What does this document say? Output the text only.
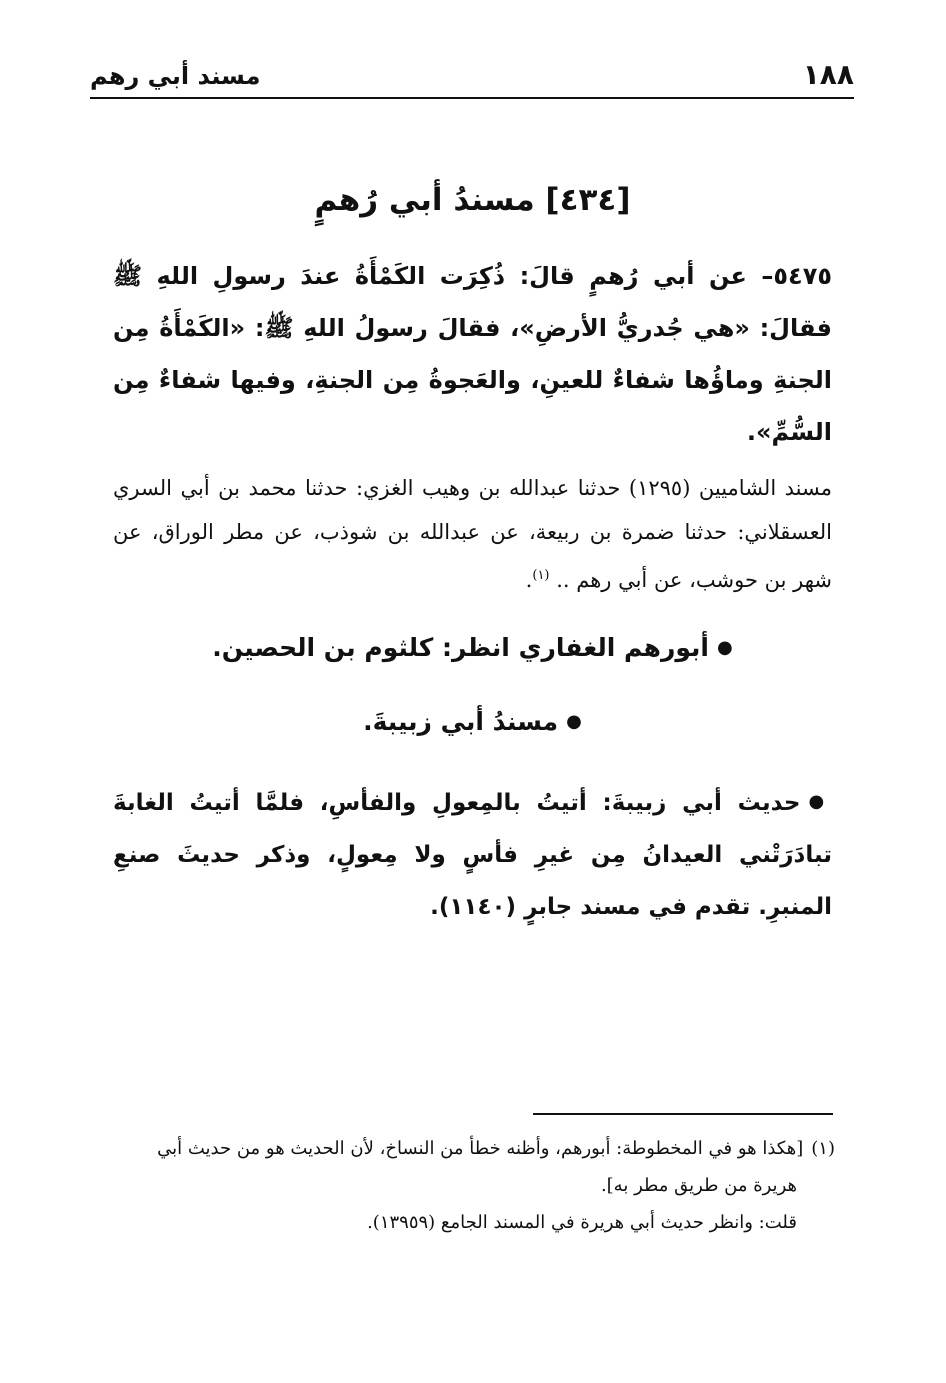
١٨٨
مسند أبي رهم
[٤٣٤] مسندُ أبي رُهمٍ

٥٤٧٥– عن أبي رُهمٍ قالَ: ذُكِرَت الكَمْأَةُ عندَ رسولِ اللهِ ﷺ فقالَ: «هي جُدريُّ الأرضِ»، فقالَ رسولُ اللهِ ﷺ: «الكَمْأَةُ مِن الجنةِ وماؤُها شفاءٌ للعينِ، والعَجوةُ مِن الجنةِ، وفيها شفاءٌ مِن السُّمِّ».

مسند الشاميين (١٢٩٥) حدثنا عبدالله بن وهيب الغزي: حدثنا محمد بن أبي السري العسقلاني: حدثنا ضمرة بن ربيعة، عن عبدالله بن شوذب، عن مطر الوراق، عن شهر بن حوشب، عن أبي رهم .. $^{(١)}$.

●أبورهم الغفاري انظر: كلثوم بن الحصين.
●مسندُ أبي زبيبةَ.

●حديث أبي زبيبةَ: أتيتُ بالمِعولِ والفأسِ، فلمَّا أتيتُ الغابةَ تبادَرَتْني العيدانُ مِن غيرِ فأسٍ ولا مِعولٍ، وذكر حديثَ صنعِ المنبرِ. تقدم في مسند جابرٍ (١١٤٠).

(١)[هكذا هو في المخطوطة: أبورهم، وأظنه خطأ من النساخ، لأن الحديث هو من حديث أبي

هريرة من طريق مطر به].

قلت: وانظر حديث أبي هريرة في المسند الجامع (١٣٩٥٩).
